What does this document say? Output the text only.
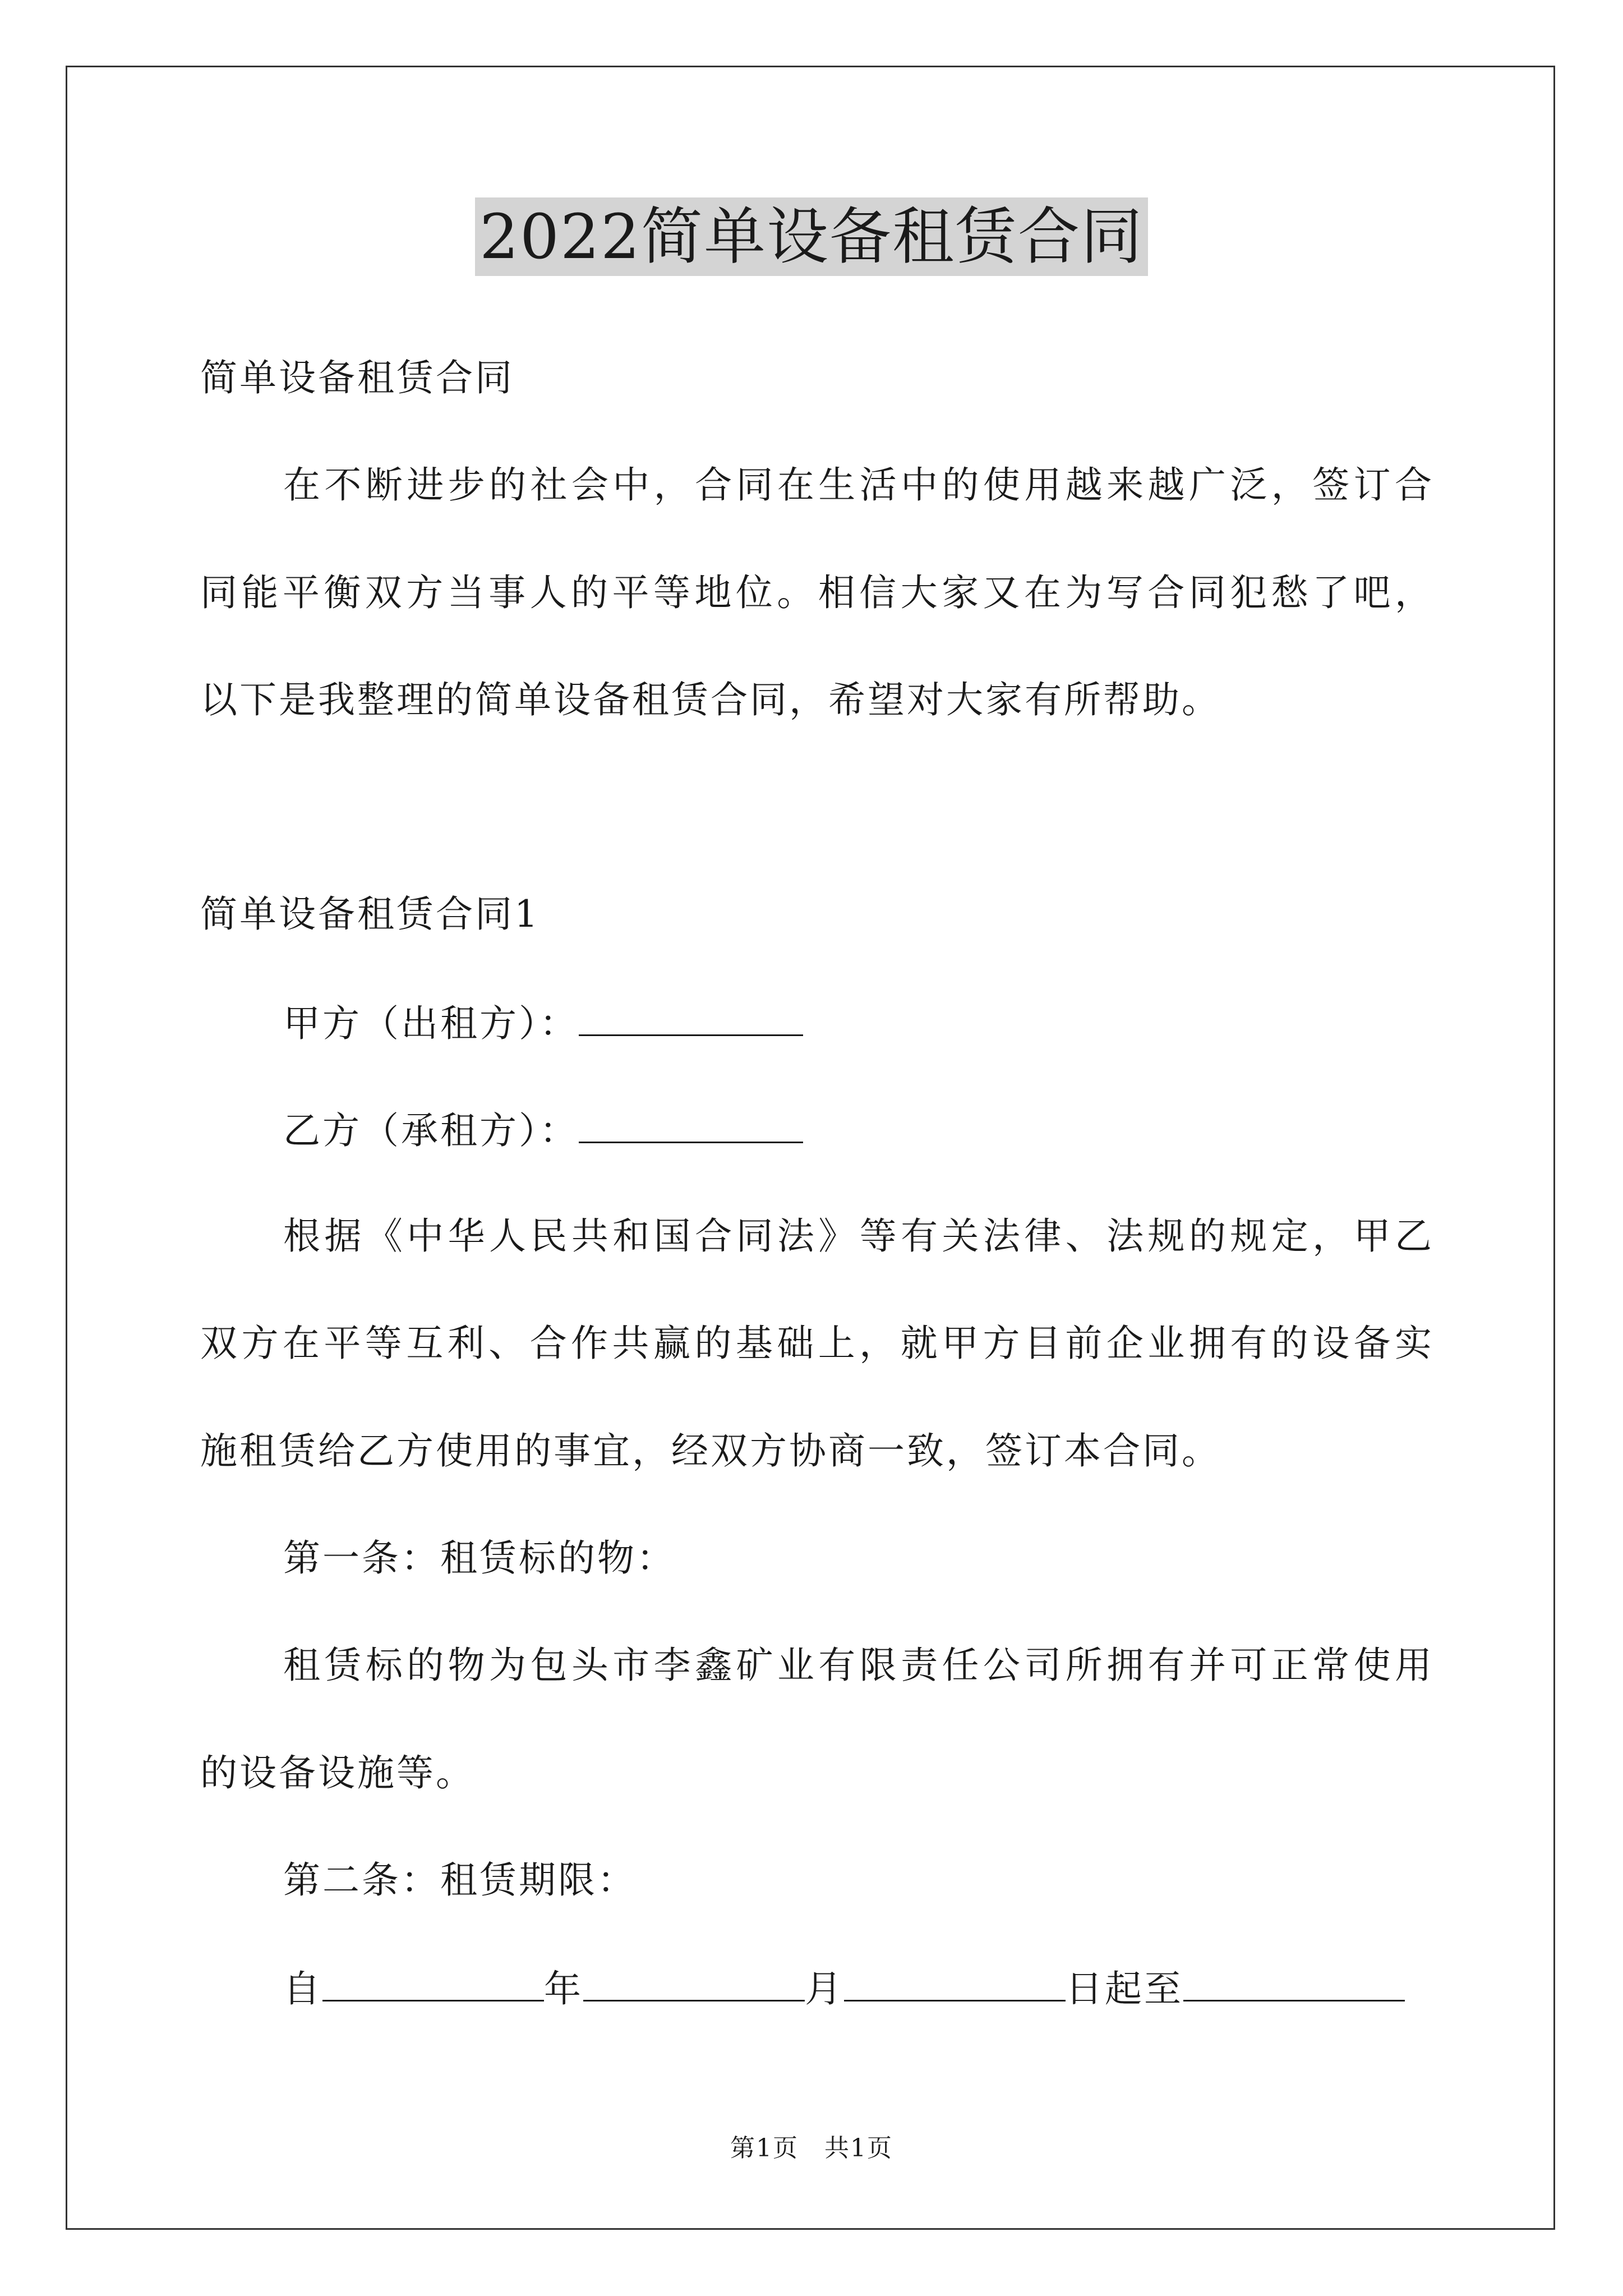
2022简单设备租赁合同
简单设备租赁合同
在不断进步的社会中，合同在生活中的使用越来越广泛，签订合
同能平衡双方当事人的平等地位。相信大家又在为写合同犯愁了吧，
以下是我整理的简单设备租赁合同，希望对大家有所帮助。
简单设备租赁合同1
甲方（出租方）：
乙方（承租方）：
根据《中华人民共和国合同法》等有关法律、法规的规定，甲乙
双方在平等互利、合作共赢的基础上，就甲方目前企业拥有的设备实
施租赁给乙方使用的事宜，经双方协商一致，签订本合同。
第一条：租赁标的物：
租赁标的物为包头市李鑫矿业有限责任公司所拥有并可正常使用
的设备设施等。
第二条：租赁期限：
自	年	月	日起至
第1页　共1页
